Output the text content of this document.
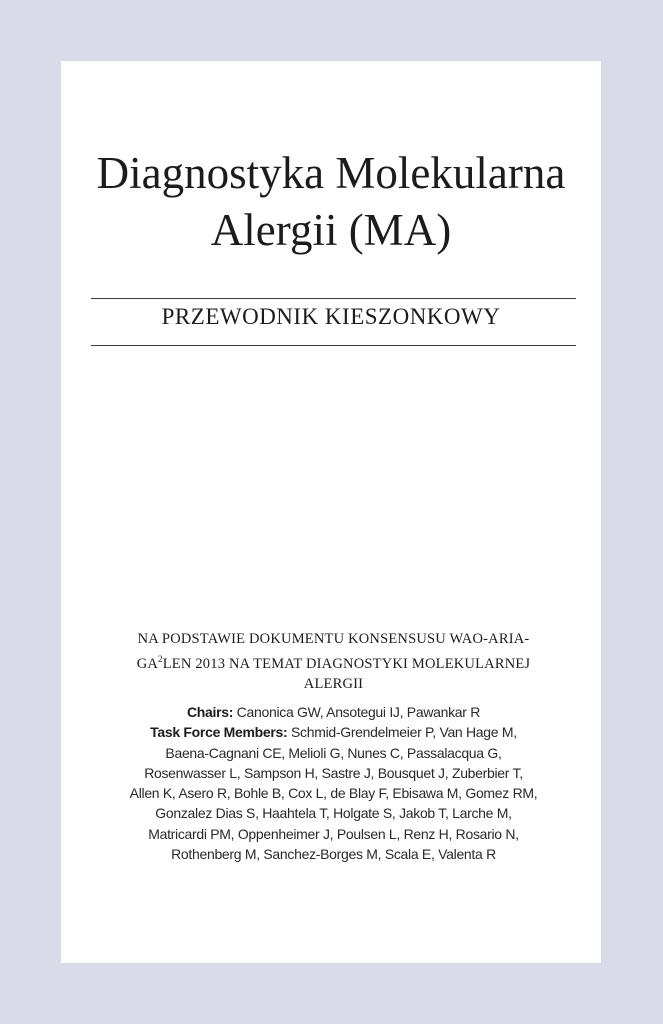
Diagnostyka Molekularna
Alergii (MA)
PRZEWODNIK KIESZONKOWY
NA PODSTAWIE DOKUMENTU KONSENSUSU WAO-ARIA-
$GA^2LEN$ 2013 NA TEMAT DIAGNOSTYKI MOLEKULARNEJ
ALERGII
Chairs: Canonica GW, Ansotegui IJ, Pawankar R
Task Force Members: Schmid-Grendelmeier P, Van Hage M,
Baena-Cagnani CE, Melioli G, Nunes C, Passalacqua G,
Rosenwasser L, Sampson H, Sastre J, Bousquet J, Zuberbier T,
Allen K, Asero R, Bohle B, Cox L, de Blay F, Ebisawa M, Gomez RM,
Gonzalez Dias S, Haahtela T, Holgate S, Jakob T, Larche M,
Matricardi PM, Oppenheimer J, Poulsen L, Renz H, Rosario N,
Rothenberg M, Sanchez-Borges M, Scala E, Valenta R
